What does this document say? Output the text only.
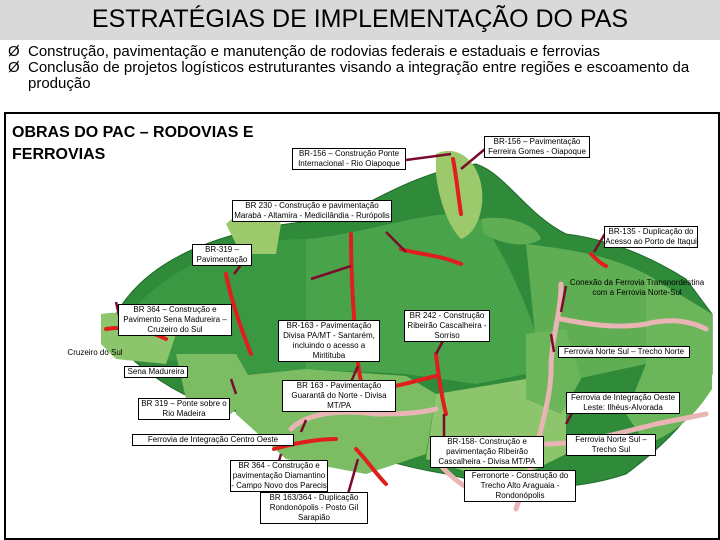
ESTRATÉGIAS DE IMPLEMENTAÇÃO DO PAS
Ø Construção, pavimentação e manutenção de rodovias federais e estaduais e ferrovias
Ø Conclusão de projetos logísticos estruturantes visando a integração entre regiões e escoamento da produção
OBRAS DO PAC – RODOVIAS E FERROVIAS	BR-156 – Construção Ponte Internacional - Rio Oiapoque
BR-156 – Pavimentação Ferreira Gomes - Oiapoque
BR 230 - Construção e pavimentação Marabá - Altamira - Medicilândia - Rurópolis
BR-135 - Duplicação do Acesso ao Porto de Itaqui
BR-319 – Pavimentação
Conexão da Ferrovia Transnordestina com a Ferrovia Norte-Sul
BR 364 – Construção e Pavimento Sena Madureira – Cruzeiro do Sul
Cruzeiro do Sul
BR-163 - Pavimentação Divisa PA/MT - Santarém, incluindo o acesso a Miritituba
BR 242 - Construção Ribeirão Cascalheira - Sorriso
Ferrovia Norte Sul – Trecho Norte
Sena Madureira
BR 163 - Pavimentação Guarantã do Norte - Divisa MT/PA
BR 319 – Ponte sobre o Rio Madeira
Ferrovia de Integração Oeste Leste: Ilhéus-Alvorada
Ferrovia de Integração Centro Oeste	BR-158- Construção e pavimentação Ribeirão Cascalheira - Divisa MT/PA
Ferrovia Norte Sul – Trecho Sul
BR 364 - Construção e pavimentação Diamantino - Campo Novo dos Parecis
Ferronorte - Construção do Trecho Alto Araguaia - Rondonópolis
BR 163/364 - Duplicação Rondonópolis - Posto Gil Sarapião
